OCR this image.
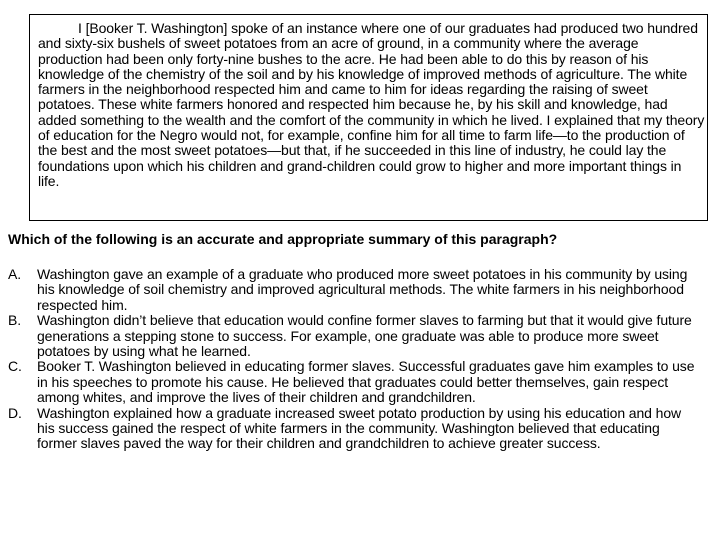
I [Booker T. Washington] spoke of an instance where one of our graduates had produced two hundred and sixty-six bushels of sweet potatoes from an acre of ground, in a community where the average production had been only forty-nine bushes to the acre. He had been able to do this by reason of his knowledge of the chemistry of the soil and by his knowledge of improved methods of agriculture. The white farmers in the neighborhood respected him and came to him for ideas regarding the raising of sweet potatoes. These white farmers honored and respected him because he, by his skill and knowledge, had added something to the wealth and the comfort of the community in which he lived. I explained that my theory of education for the Negro would not, for example, confine him for all time to farm life—to the production of the best and the most sweet potatoes—but that, if he succeeded in this line of industry, he could lay the foundations upon which his children and grand-children could grow to higher and more important things in life.

Which of the following is an accurate and appropriate summary of this paragraph?

A. Washington gave an example of a graduate who produced more sweet potatoes in his community by using his knowledge of soil chemistry and improved agricultural methods. The white farmers in his neighborhood respected him.
B. Washington didn’t believe that education would confine former slaves to farming but that it would give future generations a stepping stone to success. For example, one graduate was able to produce more sweet potatoes by using what he learned.
C. Booker T. Washington believed in educating former slaves. Successful graduates gave him examples to use in his speeches to promote his cause. He believed that graduates could better themselves, gain respect among whites, and improve the lives of their children and grandchildren.
D. Washington explained how a graduate increased sweet potato production by using his education and how his success gained the respect of white farmers in the community. Washington believed that educating former slaves paved the way for their children and grandchildren to achieve greater success.
